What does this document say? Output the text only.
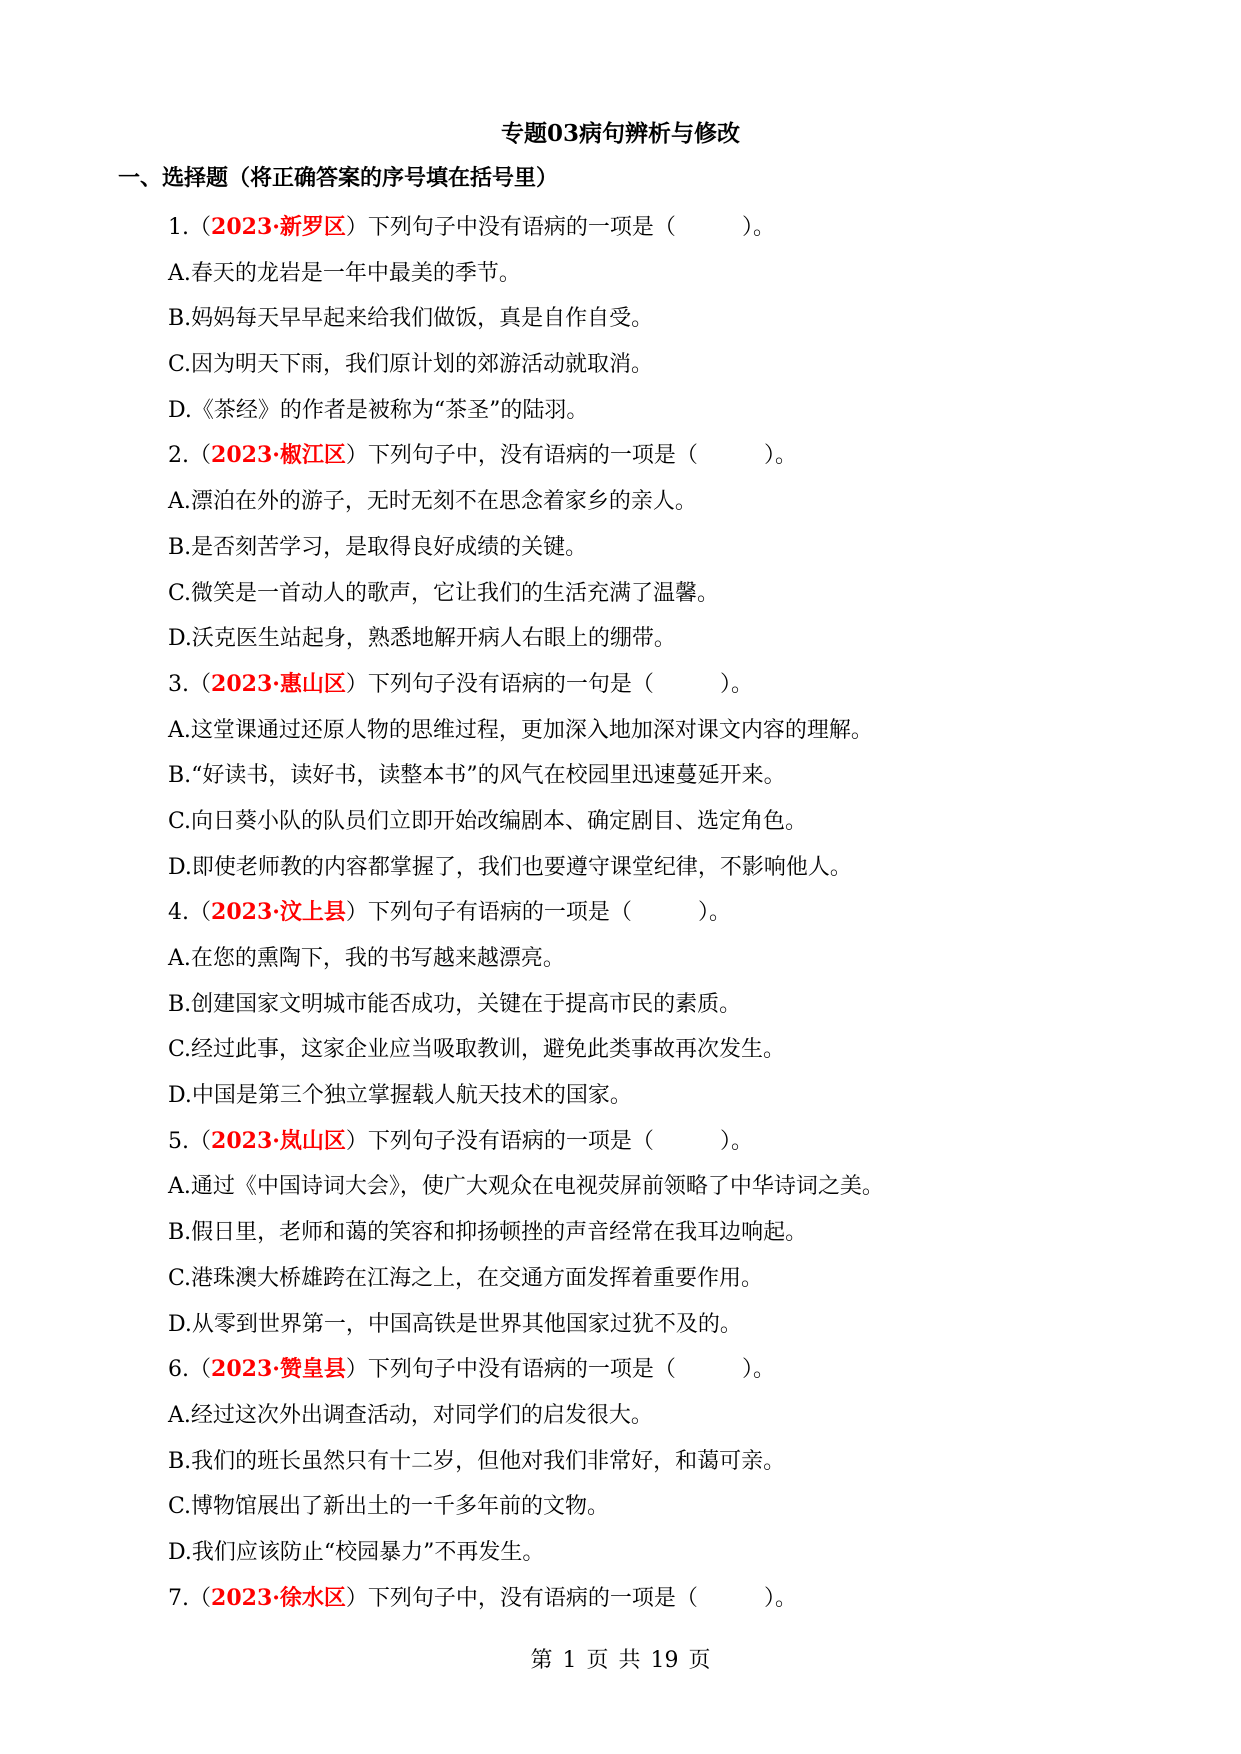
专题03病句辨析与修改
一、选择题（将正确答案的序号填在括号里）
1.（2023·新罗区）下列句子中没有语病的一项是（	）。
A.春天的龙岩是一年中最美的季节。
B.妈妈每天早早起来给我们做饭，真是自作自受。
C.因为明天下雨，我们原计划的郊游活动就取消。
D.《茶经》的作者是被称为“茶圣”的陆羽。
2.（2023·椒江区）下列句子中，没有语病的一项是（	）。
A.漂泊在外的游子，无时无刻不在思念着家乡的亲人。
B.是否刻苦学习，是取得良好成绩的关键。
C.微笑是一首动人的歌声，它让我们的生活充满了温馨。
D.沃克医生站起身，熟悉地解开病人右眼上的绷带。
3.（2023·惠山区）下列句子没有语病的一句是（	）。
A.这堂课通过还原人物的思维过程，更加深入地加深对课文内容的理解。
B.“好读书，读好书，读整本书”的风气在校园里迅速蔓延开来。
C.向日葵小队的队员们立即开始改编剧本、确定剧目、选定角色。
D.即使老师教的内容都掌握了，我们也要遵守课堂纪律，不影响他人。
4.（2023·汶上县）下列句子有语病的一项是（	）。
A.在您的熏陶下，我的书写越来越漂亮。
B.创建国家文明城市能否成功，关键在于提高市民的素质。
C.经过此事，这家企业应当吸取教训，避免此类事故再次发生。
D.中国是第三个独立掌握载人航天技术的国家。
5.（2023·岚山区）下列句子没有语病的一项是（	）。
A.通过《中国诗词大会》，使广大观众在电视荧屏前领略了中华诗词之美。
B.假日里，老师和蔼的笑容和抑扬顿挫的声音经常在我耳边响起。
C.港珠澳大桥雄跨在江海之上，在交通方面发挥着重要作用。
D.从零到世界第一，中国高铁是世界其他国家过犹不及的。
6.（2023·赞皇县）下列句子中没有语病的一项是（	）。
A.经过这次外出调查活动，对同学们的启发很大。
B.我们的班长虽然只有十二岁，但他对我们非常好，和蔼可亲。
C.博物馆展出了新出土的一千多年前的文物。
D.我们应该防止“校园暴力”不再发生。
7.（2023·徐水区）下列句子中，没有语病的一项是（	）。
第 1 页 共 19 页
